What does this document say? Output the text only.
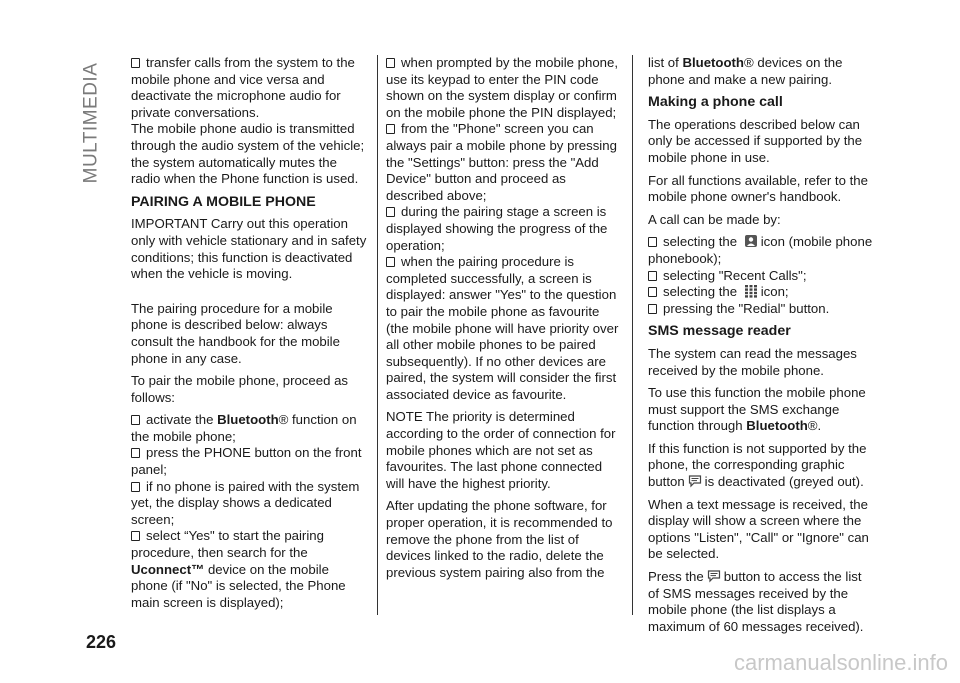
MULTIMEDIA	transfer calls from the system to the mobile phone and vice versa and deactivate the microphone audio for private conversations.

The mobile phone audio is transmitted through the audio system of the vehicle; the system automatically mutes the radio when the Phone function is used.

PAIRING A MOBILE PHONE

IMPORTANT Carry out this operation only with vehicle stationary and in safety conditions; this function is deactivated when the vehicle is moving.

The pairing procedure for a mobile phone is described below: always consult the handbook for the mobile phone in any case.

To pair the mobile phone, proceed as follows:

activate the Bluetooth® function on the mobile phone;

press the PHONE button on the front panel;

if no phone is paired with the system yet, the display shows a dedicated screen;

select “Yes" to start the pairing procedure, then search for the Uconnect™ device on the mobile phone (if "No" is selected, the Phone main screen is displayed);

when prompted by the mobile phone, use its keypad to enter the PIN code shown on the system display or confirm on the mobile phone the PIN displayed;

from the "Phone" screen you can always pair a mobile phone by pressing the "Settings" button: press the "Add Device" button and proceed as described above;

during the pairing stage a screen is displayed showing the progress of the operation;

when the pairing procedure is completed successfully, a screen is displayed: answer "Yes" to the question to pair the mobile phone as favourite (the mobile phone will have priority over all other mobile phones to be paired subsequently). If no other devices are paired, the system will consider the first associated device as favourite.

NOTE The priority is determined according to the order of connection for mobile phones which are not set as favourites. The last phone connected will have the highest priority.

After updating the phone software, for proper operation, it is recommended to remove the phone from the list of devices linked to the radio, delete the previous system pairing also from the

list of Bluetooth® devices on the phone and make a new pairing.

Making a phone call

The operations described below can only be accessed if supported by the mobile phone in use.

For all functions available, refer to the mobile phone owner's handbook.

A call can be made by:

selecting the icon (mobile phone phonebook);

selecting "Recent Calls";

selecting the icon;

pressing the "Redial" button.

SMS message reader

The system can read the messages received by the mobile phone.

To use this function the mobile phone must support the SMS exchange function through Bluetooth®.

If this function is not supported by the phone, the corresponding graphic button is deactivated (greyed out).

When a text message is received, the display will show a screen where the options "Listen", "Call" or "Ignore" can be selected.

Press the button to access the list of SMS messages received by the mobile phone (the list displays a maximum of 60 messages received).

226
carmanualsonline.info
